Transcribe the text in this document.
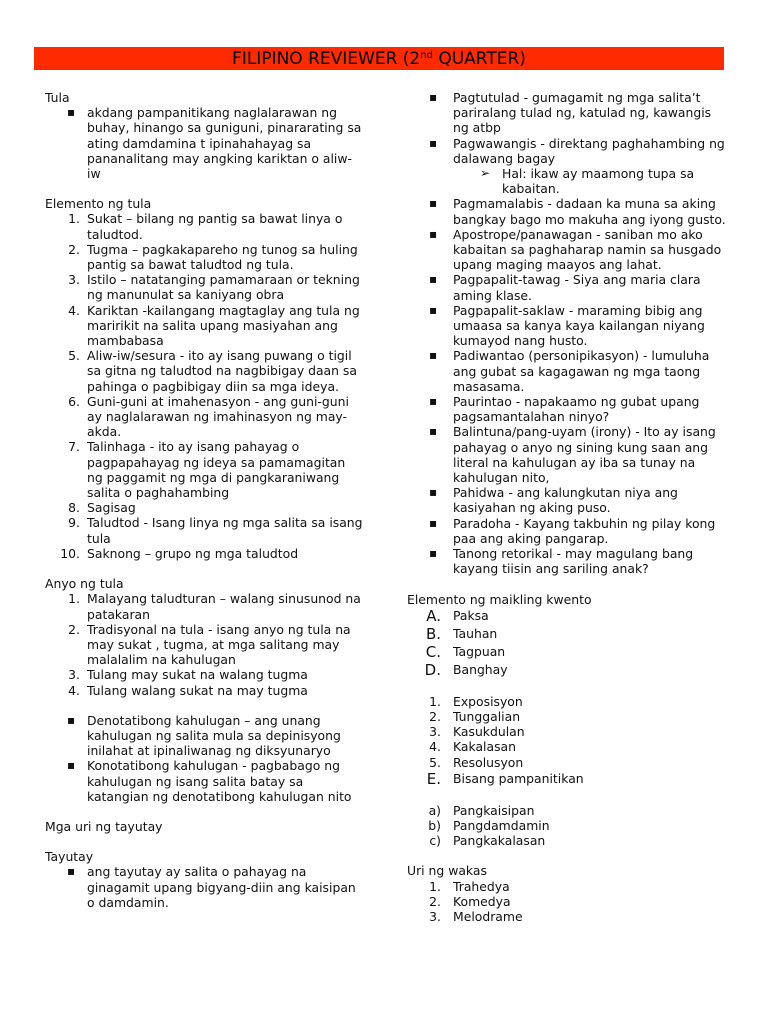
FILIPINO REVIEWER (2nd QUARTER)
Tula
▪ akdang pampanitikang naglalarawan ng buhay, hinango sa guniguni, pinararating sa ating damdamina t ipinahahayag sa pananalitang may angking kariktan o aliw-iw
Elemento ng tula
1. Sukat – bilang ng pantig sa bawat linya o taludtod.
2. Tugma – pagkakapareho ng tunog sa huling pantig sa bawat taludtod ng tula.
3. Istilo – natatanging pamamaraan or tekning ng manunulat sa kaniyang obra
4. Kariktan -kailangang magtaglay ang tula ng maririkit na salita upang masiyahan ang mambabasa
5. Aliw-iw/sesura - ito ay isang puwang o tigil sa gitna ng taludtod na nagbibigay daan sa pahinga o pagbibigay diin sa mga ideya.
6. Guni-guni at imahenasyon - ang guni-guni ay naglalarawan ng imahinasyon ng may-akda.
7. Talinhaga - ito ay isang pahayag o pagpapahayag ng ideya sa pamamagitan ng paggamit ng mga di pangkaraniwang salita o paghahambing
8. Sagisag
9. Taludtod - Isang linya ng mga salita sa isang tula
10. Saknong – grupo ng mga taludtod
Anyo ng tula
1. Malayang taludturan – walang sinusunod na patakaran
2. Tradisyonal na tula - isang anyo ng tula na may sukat , tugma, at mga salitang may malalalim na kahulugan
3. Tulang may sukat na walang tugma
4. Tulang walang sukat na may tugma
▪ Denotatibong kahulugan – ang unang kahulugan ng salita mula sa depinisyong inilahat at ipinaliwanag ng diksyunaryo
▪ Konotatibong kahulugan - pagbabago ng kahulugan ng isang salita batay sa katangian ng denotatibong kahulugan nito
Mga uri ng tayutay
Tayutay
▪ ang tayutay ay salita o pahayag na ginagamit upang bigyang-diin ang kaisipan o damdamin.
▪ Pagtutulad - gumagamit ng mga salita’t pariralang tulad ng, katulad ng, kawangis ng atbp
▪ Pagwawangis - direktang paghahambing ng dalawang bagay
➢ Hal: ikaw ay maamong tupa sa kabaitan.
▪ Pagmamalabis - dadaan ka muna sa aking bangkay bago mo makuha ang iyong gusto.
▪ Apostrope/panawagan - saniban mo ako kabaitan sa paghaharap namin sa husgado upang maging maayos ang lahat.
▪ Pagpapalit-tawag - Siya ang maria clara aming klase.
▪ Pagpapalit-saklaw - maraming bibig ang umaasa sa kanya kaya kailangan niyang kumayod nang husto.
▪ Padiwantao (personipikasyon) - lumuluha ang gubat sa kagagawan ng mga taong masasama.
▪ Paurintao - napakaamo ng gubat upang pagsamantalahan ninyo?
▪ Balintuna/pang-uyam (irony) - Ito ay isang pahayag o anyo ng sining kung saan ang literal na kahulugan ay iba sa tunay na kahulugan nito,
▪ Pahidwa - ang kalungkutan niya ang kasiyahan ng aking puso.
▪ Paradoha - Kayang takbuhin ng pilay kong paa ang aking pangarap.
▪ Tanong retorikal - may magulang bang kayang tiisin ang sariling anak?
Elemento ng maikling kwento
A. Paksa
B. Tauhan
C. Tagpuan
D. Banghay
1. Exposisyon
2. Tunggalian
3. Kasukdulan
4. Kakalasan
5. Resolusyon
E. Bisang pampanitikan
a) Pangkaisipan
b) Pangdamdamin
c) Pangkakalasan
Uri ng wakas
1. Trahedya
2. Komedya
3. Melodrame
